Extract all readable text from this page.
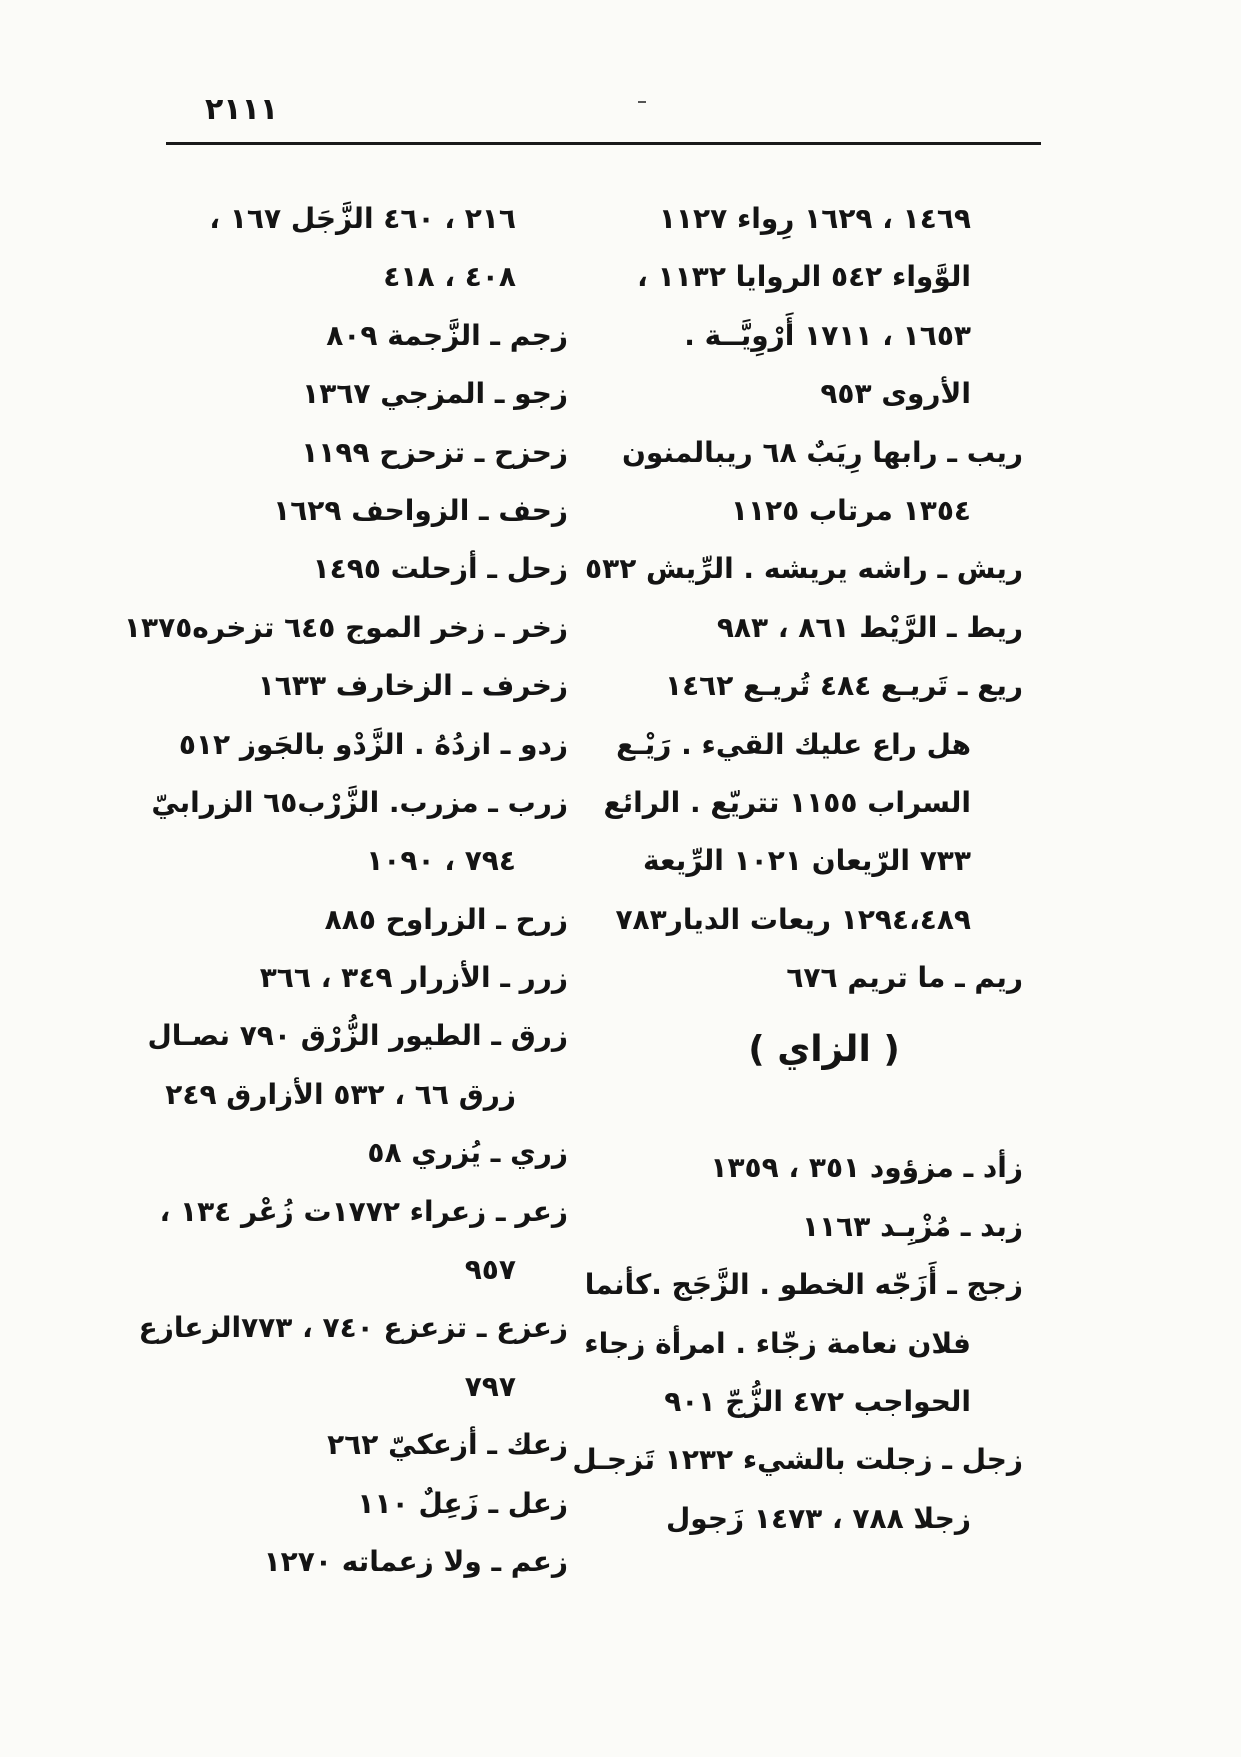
٢١١١
١٤٦٩ ، ١٦٢٩ رِواء ١١٢٧
الوَّواء ٥٤٢ الروايا ١١٣٢ ،
١٦٥٣ ، ١٧١١ أَرْوِيَّــة .
الأروى ٩٥٣
ريب ـ رابها رِيَبٌ ٦٨ ريبالمنون
١٣٥٤ مرتاب ١١٢٥
ريش ـ راشه يريشه . الرِّيش ٥٣٢
ريط ـ الرَّيْط ٨٦١ ، ٩٨٣
ريع ـ تَريـع ٤٨٤ تُريـع ١٤٦٢
هل راع عليك القيء . رَيْـع
السراب ١١٥٥ تتريّع . الرائع
٧٣٣ الرّيعان ١٠٢١ الرِّيعة
١٢٩٤،٤٨٩ ريعات الديار٧٨٣
ريم ـ ما تريم ٦٧٦
( الزاي )
زأد ـ مزؤود ٣٥١ ، ١٣٥٩
زبد ـ مُزْبِـد ١١٦٣
زجج ـ أَزَجّه الخطو . الزَّجَج .كأنما
فلان نعامة زجّاء . امرأة زجاء
الحواجب ٤٧٢ الزُّجّ ٩٠١
زجل ـ زجلت بالشيء ١٢٣٢ تَزجـل
زجلا ٧٨٨ ، ١٤٧٣ زَجول
٢١٦ ، ٤٦٠ الزَّجَل ١٦٧ ،
٤٠٨ ، ٤١٨
زجم ـ الزَّجمة ٨٠٩
زجو ـ المزجي ١٣٦٧
زحزح ـ تزحزح ١١٩٩
زحف ـ الزواحف ١٦٢٩
زحل ـ أزحلت ١٤٩٥
زخر ـ زخر الموج ٦٤٥ تزخره١٣٧٥
زخرف ـ الزخارف ١٦٣٣
زدو ـ ازدُهُ . الزَّدْو بالجَوز ٥١٢
زرب ـ مزرب. الزَّرْب٦٥ الزرابيّ
٧٩٤ ، ١٠٩٠
زرح ـ الزراوح ٨٨٥
زرر ـ الأزرار ٣٤٩ ، ٣٦٦
زرق ـ الطيور الزُّرْق ٧٩٠ نصـال
زرق ٦٦ ، ٥٣٢ الأزارق ٢٤٩
زري ـ يُزري ٥٨
زعر ـ زعراء ١٧٧٢ت زُعْر ١٣٤ ،
٩٥٧
زعزع ـ تزعزع ٧٤٠ ، ٧٧٣الزعازع
٧٩٧
زعك ـ أزعكيّ ٢٦٢
زعل ـ زَعِلٌ ١١٠
زعم ـ ولا زعماته ١٢٧٠
